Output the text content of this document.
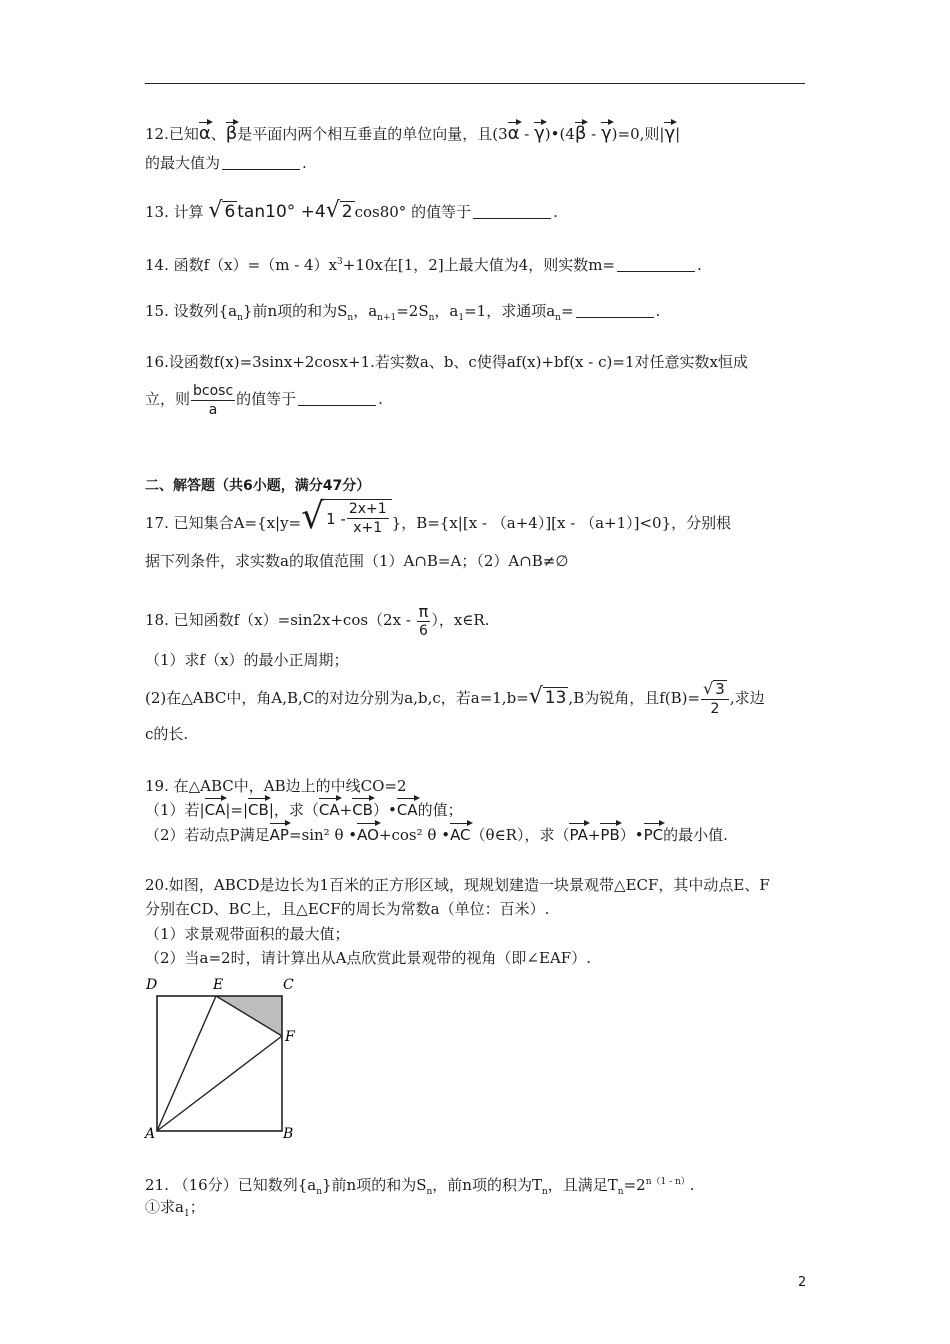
12.已知α、β是平面内两个相互垂直的单位向量，且(3α - γ)•(4β - γ)=0,则|γ|
的最大值为	.
13. 计算 √ 6 tan10° +4 √ 2 cos80° 的值等于	.
14. 函数$f(x)=(m - 4)x^3+10x$在[1，2]上最大值为4，则实数m=	.
15. 设数列$\{a_n\}$前n项的和为$S_n$，$a_{n+1}=2S_n$，$a_1=1$，求通项$a_n=$	.
16.设函数f(x)=3sinx+2cosx+1.若实数a、b、c使得af(x)+bf(x - c)=1对任意实数x恒成
立，则 $\frac{bcosc}{a}$ 的值等于	.
二、解答题（共6小题，满分47分）
17. 已知集合A={x|y= √ $1 - \frac{2x+1}{x+1}$ }，B={x|[x - （a+4）][x - （a+1）]<0}，分别根
据下列条件，求实数a的取值范围（1）A∩B=A；（2）A∩B≠∅
18. 已知函数$f(x)=\sin 2x+\cos(2x - \frac{\pi}{6}$ ），x∈R.
（1）求f（x）的最小正周期；
(2)在△ABC中，角A,B,C的对边分别为a,b,c，若a=1,b= √ 13 ,B为锐角，且$f(B)= \frac{√ 3}{2}$ ,求边
c的长.
19. 在△ABC中，AB边上的中线CO=2
（1）若|CA|=|CB|，求（CA+CB）•CA的值；
（2）若动点P满足AP=sin² θ •AO+cos² θ •AC（θ∈R），求（PA+PB）•PC的最小值.
20.如图，ABCD是边长为1百米的正方形区域，现规划建造一块景观带△ECF，其中动点E、F
分别在CD、BC上，且△ECF的周长为常数a（单位：百米）.
（1）求景观带面积的最大值；
（2）当a=2时，请计算出从A点欣赏此景观带的视角（即∠EAF）.
D	E	C
F
A	B
21. （16分）已知数列$\{a_n\}$前n项的和为$S_n$，前n项的积为$T_n$，且满足$T_n=2^{n(1 - n)}$.
①求$a_1$；
2
